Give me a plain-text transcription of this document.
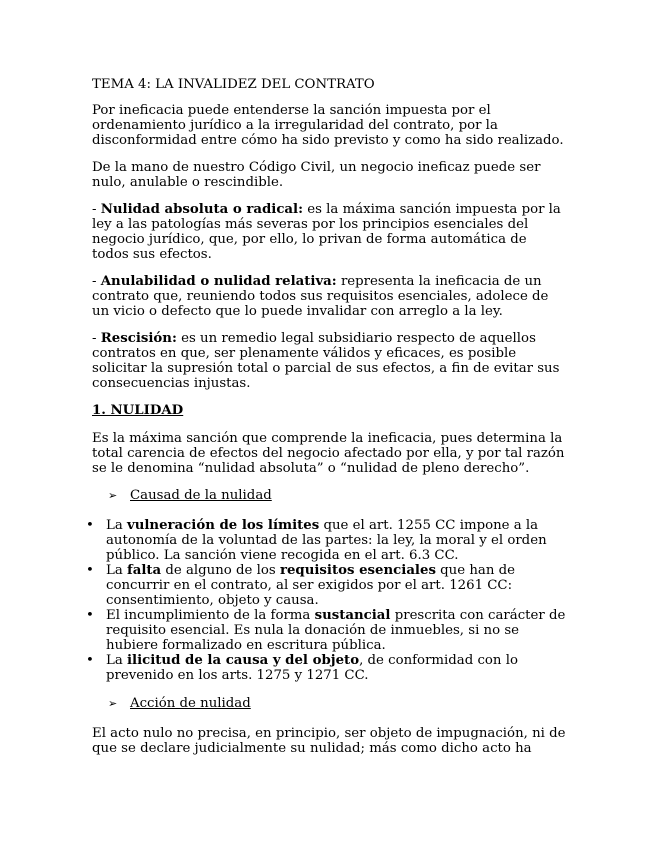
TEMA 4: LA INVALIDEZ DEL CONTRATO

Por ineficacia puede entenderse la sanción impuesta por el ordenamiento jurídico a la irregularidad del contrato, por la disconformidad entre cómo ha sido previsto y como ha sido realizado.

De la mano de nuestro Código Civil, un negocio ineficaz puede ser nulo, anulable o rescindible.

- Nulidad absoluta o radical: es la máxima sanción impuesta por la ley a las patologías más severas por los principios esenciales del negocio jurídico, que, por ello, lo privan de forma automática de todos sus efectos.

- Anulabilidad o nulidad relativa: representa la ineficacia de un contrato que, reuniendo todos sus requisitos esenciales, adolece de un vicio o defecto que lo puede invalidar con arreglo a la ley.

- Rescisión: es un remedio legal subsidiario respecto de aquellos contratos en que, ser plenamente válidos y eficaces, es posible solicitar la supresión total o parcial de sus efectos, a fin de evitar sus consecuencias injustas.

1. NULIDAD

Es la máxima sanción que comprende la ineficacia, pues determina la total carencia de efectos del negocio afectado por ella, y por tal razón se le denomina “nulidad absoluta” o “nulidad de pleno derecho”.

➢ Causad de la nulidad
• La vulneración de los límites que el art. 1255 CC impone a la autonomía de la voluntad de las partes: la ley, la moral y el orden público. La sanción viene recogida en el art. 6.3 CC.
• La falta de alguno de los requisitos esenciales que han de concurrir en el contrato, al ser exigidos por el art. 1261 CC: consentimiento, objeto y causa.
• El incumplimiento de la forma sustancial prescrita con carácter de requisito esencial. Es nula la donación de inmuebles, si no se hubiere formalizado en escritura pública.
• La ilicitud de la causa y del objeto, de conformidad con lo prevenido en los arts. 1275 y 1271 CC.
➢ Acción de nulidad

El acto nulo no precisa, en principio, ser objeto de impugnación, ni de que se declare judicialmente su nulidad; más como dicho acto ha
